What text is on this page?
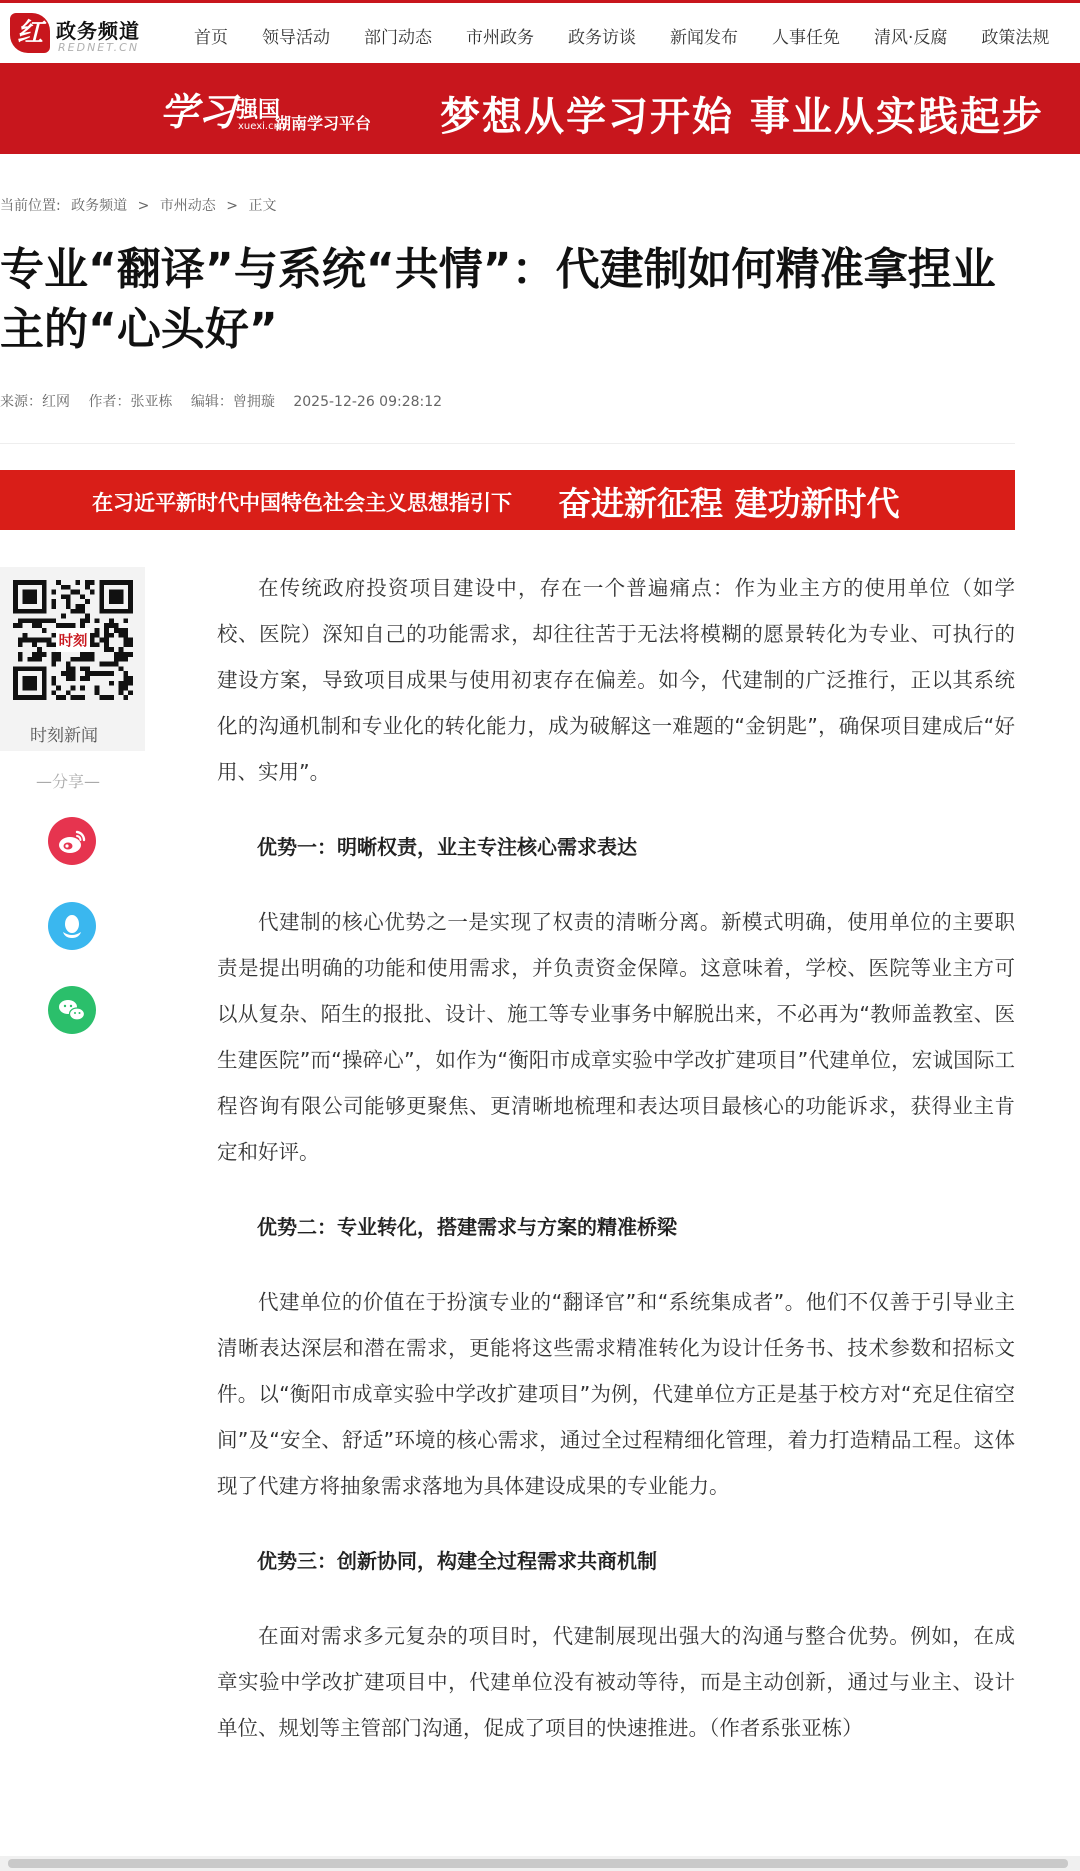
红 政务频道
REDNET.CN	首页 领导活动 部门动态 市州政务 政务访谈 新闻发布 人事任免 清风·反腐 政策法规
学习 强国
xuexi.cn
湖南学习平台 梦想从学习开始 事业从实践起步
当前位置: 政务频道 > 市州动态 > 正文
专业“翻译”与系统“共情”：代建制如何精准拿捏业主的“心头好”
来源：红网 作者：张亚栋 编辑：曾拥璇 2025-12-26 09:28:12
在习近平新时代中国特色社会主义思想指引下 奋进新征程 建功新时代
时刻
时刻新闻
—分享—

在传统政府投资项目建设中，存在一个普遍痛点：作为业主方的使用单位（如学校、医院）深知自己的功能需求，却往往苦于无法将模糊的愿景转化为专业、可执行的建设方案，导致项目成果与使用初衷存在偏差。如今，代建制的广泛推行，正以其系统化的沟通机制和专业化的转化能力，成为破解这一难题的“金钥匙”，确保项目建成后“好用、实用”。

优势一：明晰权责，业主专注核心需求表达

代建制的核心优势之一是实现了权责的清晰分离。新模式明确，使用单位的主要职责是提出明确的功能和使用需求，并负责资金保障。这意味着，学校、医院等业主方可以从复杂、陌生的报批、设计、施工等专业事务中解脱出来，不必再为“教师盖教室、医生建医院”而“操碎心”，如作为“衡阳市成章实验中学改扩建项目”代建单位，宏诚国际工程咨询有限公司能够更聚焦、更清晰地梳理和表达项目最核心的功能诉求，获得业主肯定和好评。

优势二：专业转化，搭建需求与方案的精准桥梁

代建单位的价值在于扮演专业的“翻译官”和“系统集成者”。他们不仅善于引导业主清晰表达深层和潜在需求，更能将这些需求精准转化为设计任务书、技术参数和招标文件。以“衡阳市成章实验中学改扩建项目”为例，代建单位方正是基于校方对“充足住宿空间”及“安全、舒适”环境的核心需求，通过全过程精细化管理，着力打造精品工程。这体现了代建方将抽象需求落地为具体建设成果的专业能力。

优势三：创新协同，构建全过程需求共商机制

在面对需求多元复杂的项目时，代建制展现出强大的沟通与整合优势。例如，在成章实验中学改扩建项目中，代建单位没有被动等待，而是主动创新，通过与业主、设计单位、规划等主管部门沟通，促成了项目的快速推进。（作者系张亚栋）
